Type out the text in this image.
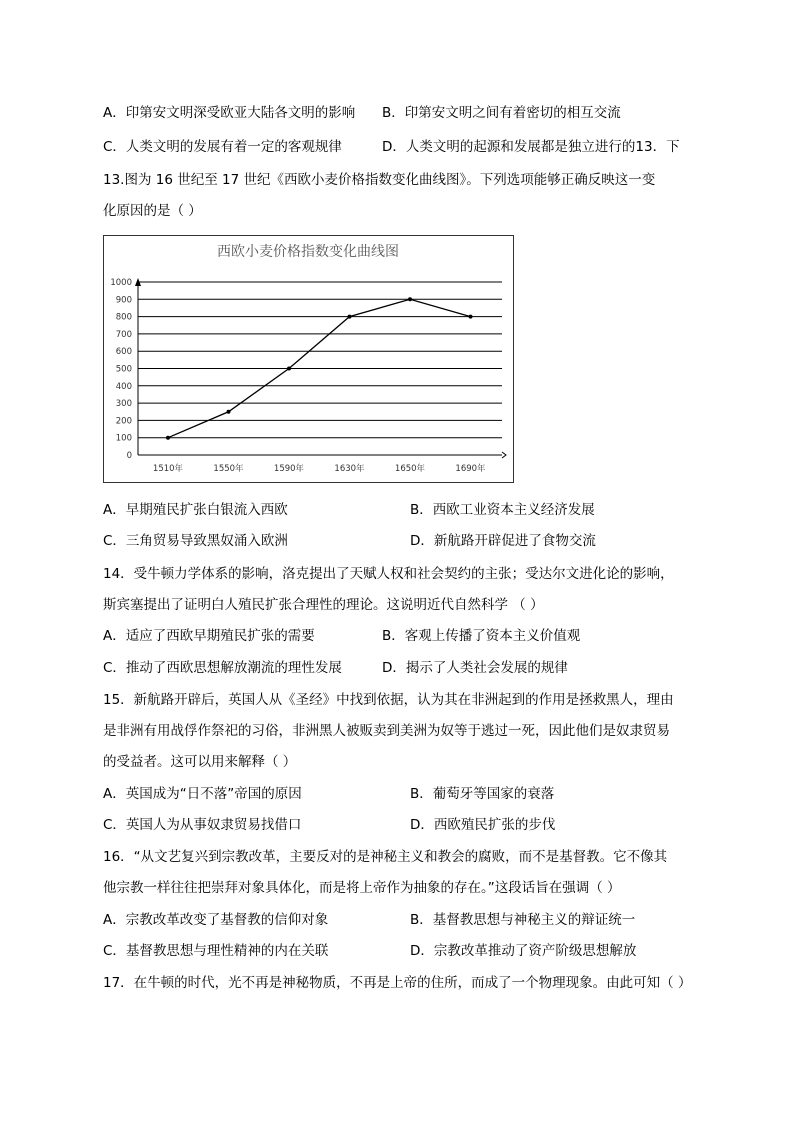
A．印第安文明深受欧亚大陆各文明的影响 B．印第安文明之间有着密切的相互交流
C．人类文明的发展有着一定的客观规律	D．人类文明的起源和发展都是独立进行的13．下
13.图为 16 世纪至 17 世纪《西欧小麦价格指数变化曲线图》。下列选项能够正确反映这一变
化原因的是（ ）
西欧小麦价格指数变化曲线图
0
100
200
300
400
500
600
700
800
900
1000
1510年	1550年	1590年	1630年	1650年	1690年
A．早期殖民扩张白银流入西欧	B．西欧工业资本主义经济发展
C．三角贸易导致黑奴涌入欧洲	D．新航路开辟促进了食物交流
14．受牛顿力学体系的影响，洛克提出了天赋人权和社会契约的主张；受达尔文进化论的影响，
斯宾塞提出了证明白人殖民扩张合理性的理论。这说明近代自然科学 （ ）
A．适应了西欧早期殖民扩张的需要	B．客观上传播了资本主义价值观
C．推动了西欧思想解放潮流的理性发展	D．揭示了人类社会发展的规律
15．新航路开辟后，英国人从《圣经》中找到依据，认为其在非洲起到的作用是拯救黑人，理由
是非洲有用战俘作祭祀的习俗，非洲黑人被贩卖到美洲为奴等于逃过一死，因此他们是奴隶贸易
的受益者。这可以用来解释（ ）
A．英国成为“日不落”帝国的原因	B．葡萄牙等国家的衰落
C．英国人为从事奴隶贸易找借口	D．西欧殖民扩张的步伐
16．“从文艺复兴到宗教改革，主要反对的是神秘主义和教会的腐败，而不是基督教。它不像其
他宗教一样往往把崇拜对象具体化，而是将上帝作为抽象的存在。”这段话旨在强调（ ）
A．宗教改革改变了基督教的信仰对象	B．基督教思想与神秘主义的辩证统一
C．基督教思想与理性精神的内在关联	D．宗教改革推动了资产阶级思想解放
17．在牛顿的时代，光不再是神秘物质，不再是上帝的住所，而成了一个物理现象。由此可知（ ）
